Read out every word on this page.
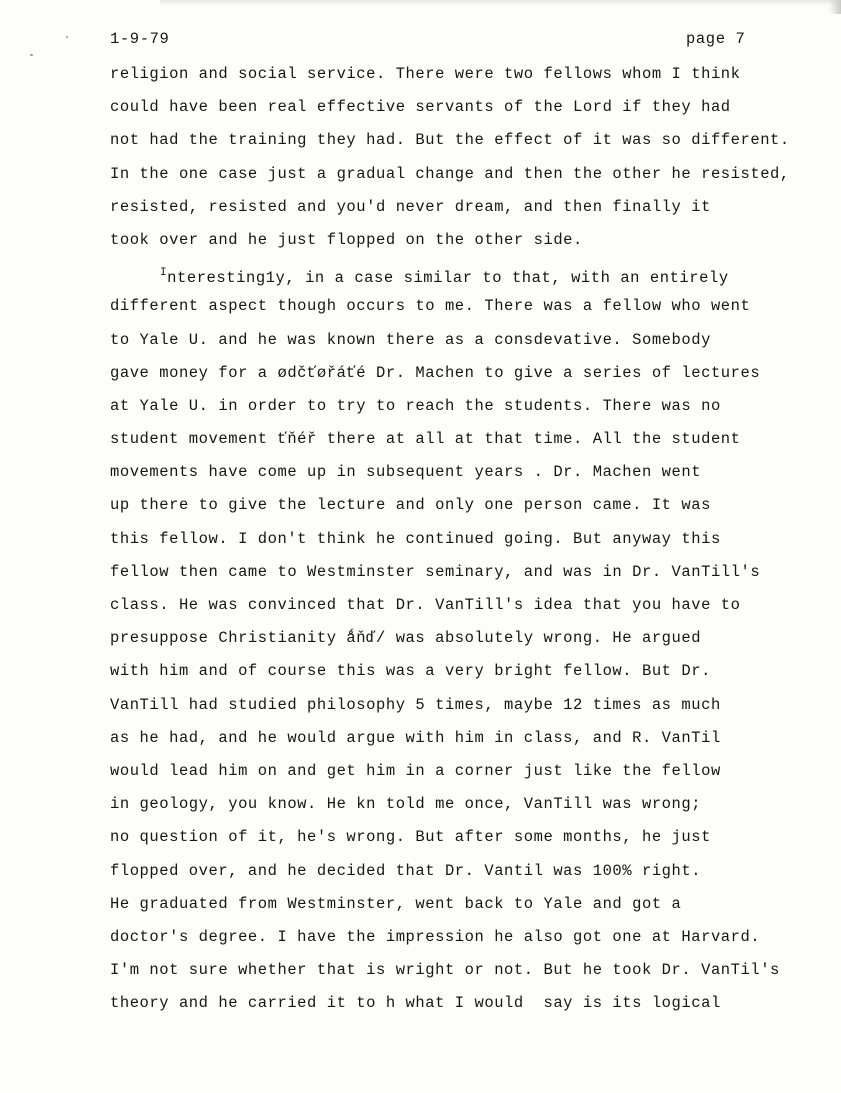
1-9-79	page 7
religion and social service. There were two fellows whom I think
could have been real effective servants of the Lord if they had
not had the training they had. But the effect of it was so different.
In the one case just a gradual change and then the other he resisted,
resisted, resisted and you'd never dream, and then finally it
took over and he just flopped on the other side.
$^I$nteresting1y, in a case similar to that, with an entirely
different aspect though occurs to me. There was a fellow who went
to Yale U. and he was known there as a consdevative. Somebody
gave money for a ødčťøřáťé Dr. Machen to give a series of lectures
at Yale U. in order to try to reach the students. There was no
student movement ťňéř there at all at that time. All the student
movements have come up in subsequent years . Dr. Machen went
up there to give the lecture and only one person came. It was
this fellow. I don't think he continued going. But anyway this
fellow then came to Westminster seminary, and was in Dr. VanTill's
class. He was convinced that Dr. VanTill's idea that you have to
presuppose Christianity ǻňď/ was absolutely wrong. He argued
with him and of course this was a very bright fellow. But Dr.
VanTill had studied philosophy 5 times, maybe 12 times as much
as he had, and he would argue with him in class, and R. VanTil
would lead him on and get him in a corner just like the fellow
in geology, you know. He kn told me once, VanTill was wrong;
no question of it, he's wrong. But after some months, he just
flopped over, and he decided that Dr. Vantil was 100% right.
He graduated from Westminster, went back to Yale and got a
doctor's degree. I have the impression he also got one at Harvard.
I'm not sure whether that is wright or not. But he took Dr. VanTil's
theory and he carried it to h what I would  say is its logical
